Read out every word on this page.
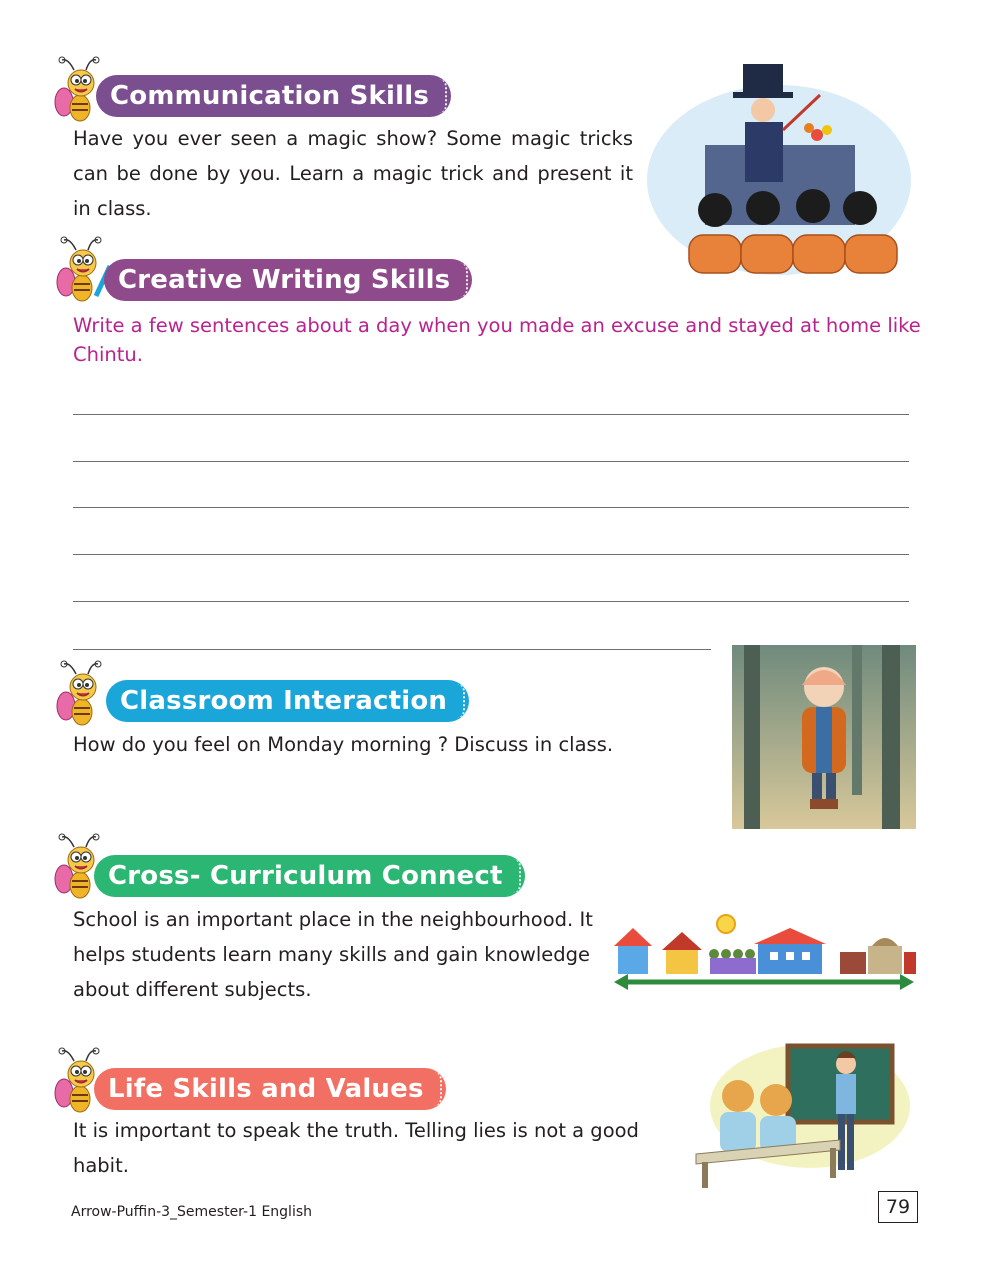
Communication Skills
Have you ever seen a magic show? Some magic tricks
can be done by you. Learn a magic trick and present it
in class.
Creative Writing Skills
Write a few sentences about a day when you made an excuse and stayed at home like
Chintu.
Classroom Interaction
How do you feel on Monday morning ? Discuss in class.
Cross- Curriculum Connect
School is an important place in the neighbourhood. It
helps students learn many skills and gain knowledge
about different subjects.
Life Skills and Values
It is important to speak the truth. Telling lies is not a good
habit.
Arrow-Puffin-3_Semester-1 English	79
